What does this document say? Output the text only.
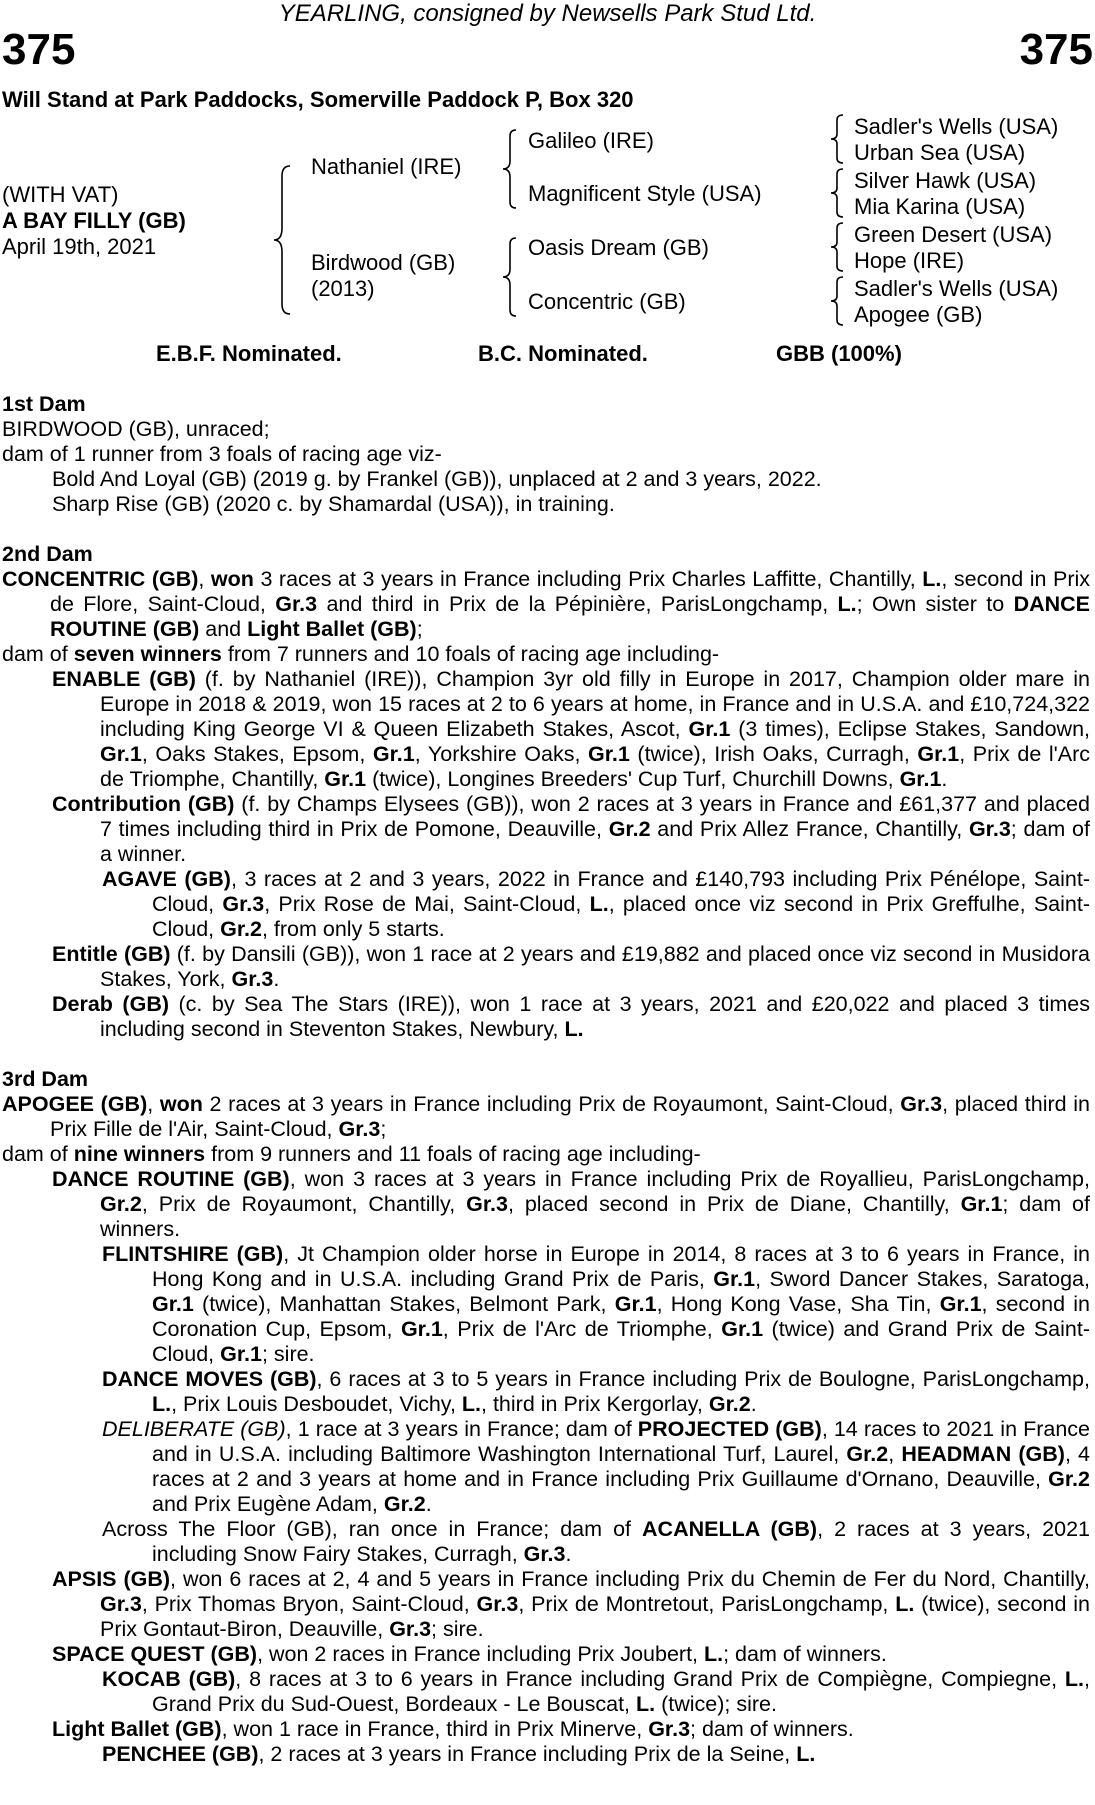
YEARLING, consigned by Newsells Park Stud Ltd.
375	375
Will Stand at Park Paddocks, Somerville Paddock P, Box 320
(WITH VAT)
A BAY FILLY (GB)
April 19th, 2021
Nathaniel (IRE)
Birdwood (GB)
(2013)
Galileo (IRE)
Magnificent Style (USA)
Oasis Dream (GB)
Concentric (GB)
Sadler's Wells (USA)
Urban Sea (USA)
Silver Hawk (USA)
Mia Karina (USA)
Green Desert (USA)
Hope (IRE)
Sadler's Wells (USA)
Apogee (GB)
E.B.F. Nominated.	B.C. Nominated.	GBB (100%)
1st Dam
BIRDWOOD (GB), unraced;
dam of 1 runner from 3 foals of racing age viz-
Bold And Loyal (GB) (2019 g. by Frankel (GB)), unplaced at 2 and 3 years, 2022.
Sharp Rise (GB) (2020 c. by Shamardal (USA)), in training.
2nd Dam
CONCENTRIC (GB), won 3 races at 3 years in France including Prix Charles Laffitte, Chantilly, L., second in Prix de Flore, Saint-Cloud, Gr.3 and third in Prix de la Pépinière, ParisLongchamp, L.; Own sister to DANCE ROUTINE (GB) and Light Ballet (GB);
dam of seven winners from 7 runners and 10 foals of racing age including-
ENABLE (GB) (f. by Nathaniel (IRE)), Champion 3yr old filly in Europe in 2017, Champion older mare in Europe in 2018 & 2019, won 15 races at 2 to 6 years at home, in France and in U.S.A. and £10,724,322 including King George VI & Queen Elizabeth Stakes, Ascot, Gr.1 (3 times), Eclipse Stakes, Sandown, Gr.1, Oaks Stakes, Epsom, Gr.1, Yorkshire Oaks, Gr.1 (twice), Irish Oaks, Curragh, Gr.1, Prix de l'Arc de Triomphe, Chantilly, Gr.1 (twice), Longines Breeders' Cup Turf, Churchill Downs, Gr.1.
Contribution (GB) (f. by Champs Elysees (GB)), won 2 races at 3 years in France and £61,377 and placed 7 times including third in Prix de Pomone, Deauville, Gr.2 and Prix Allez France, Chantilly, Gr.3; dam of a winner.
AGAVE (GB), 3 races at 2 and 3 years, 2022 in France and £140,793 including Prix Pénélope, Saint-Cloud, Gr.3, Prix Rose de Mai, Saint-Cloud, L., placed once viz second in Prix Greffulhe, Saint-Cloud, Gr.2, from only 5 starts.
Entitle (GB) (f. by Dansili (GB)), won 1 race at 2 years and £19,882 and placed once viz second in Musidora Stakes, York, Gr.3.
Derab (GB) (c. by Sea The Stars (IRE)), won 1 race at 3 years, 2021 and £20,022 and placed 3 times including second in Steventon Stakes, Newbury, L.
3rd Dam
APOGEE (GB), won 2 races at 3 years in France including Prix de Royaumont, Saint-Cloud, Gr.3, placed third in Prix Fille de l'Air, Saint-Cloud, Gr.3;
dam of nine winners from 9 runners and 11 foals of racing age including-
DANCE ROUTINE (GB), won 3 races at 3 years in France including Prix de Royallieu, ParisLongchamp, Gr.2, Prix de Royaumont, Chantilly, Gr.3, placed second in Prix de Diane, Chantilly, Gr.1; dam of winners.
FLINTSHIRE (GB), Jt Champion older horse in Europe in 2014, 8 races at 3 to 6 years in France, in Hong Kong and in U.S.A. including Grand Prix de Paris, Gr.1, Sword Dancer Stakes, Saratoga, Gr.1 (twice), Manhattan Stakes, Belmont Park, Gr.1, Hong Kong Vase, Sha Tin, Gr.1, second in Coronation Cup, Epsom, Gr.1, Prix de l'Arc de Triomphe, Gr.1 (twice) and Grand Prix de Saint-Cloud, Gr.1; sire.
DANCE MOVES (GB), 6 races at 3 to 5 years in France including Prix de Boulogne, ParisLongchamp, L., Prix Louis Desboudet, Vichy, L., third in Prix Kergorlay, Gr.2.
DELIBERATE (GB), 1 race at 3 years in France; dam of PROJECTED (GB), 14 races to 2021 in France and in U.S.A. including Baltimore Washington International Turf, Laurel, Gr.2, HEADMAN (GB), 4 races at 2 and 3 years at home and in France including Prix Guillaume d'Ornano, Deauville, Gr.2 and Prix Eugène Adam, Gr.2.
Across The Floor (GB), ran once in France; dam of ACANELLA (GB), 2 races at 3 years, 2021 including Snow Fairy Stakes, Curragh, Gr.3.
APSIS (GB), won 6 races at 2, 4 and 5 years in France including Prix du Chemin de Fer du Nord, Chantilly, Gr.3, Prix Thomas Bryon, Saint-Cloud, Gr.3, Prix de Montretout, ParisLongchamp, L. (twice), second in Prix Gontaut-Biron, Deauville, Gr.3; sire.
SPACE QUEST (GB), won 2 races in France including Prix Joubert, L.; dam of winners.
KOCAB (GB), 8 races at 3 to 6 years in France including Grand Prix de Compiègne, Compiegne, L., Grand Prix du Sud-Ouest, Bordeaux - Le Bouscat, L. (twice); sire.
Light Ballet (GB), won 1 race in France, third in Prix Minerve, Gr.3; dam of winners.
PENCHEE (GB), 2 races at 3 years in France including Prix de la Seine, L.
